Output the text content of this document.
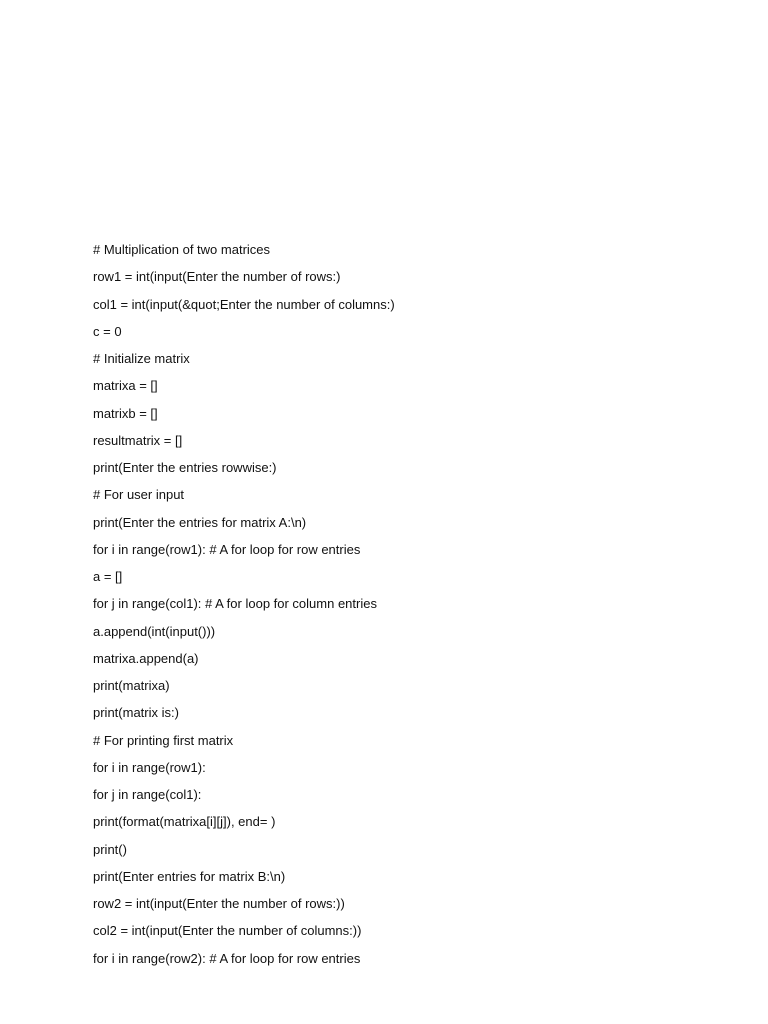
# Multiplication of two matrices
row1 = int(input(Enter the number of rows:)
col1 = int(input(&quot;Enter the number of columns:)
c = 0
# Initialize matrix
matrixa = []
matrixb = []
resultmatrix = []
print(Enter the entries rowwise:)
# For user input
print(Enter the entries for matrix A:\n)
for i in range(row1): # A for loop for row entries
a = []
for j in range(col1): # A for loop for column entries
a.append(int(input()))
matrixa.append(a)
print(matrixa)
print(matrix is:)
# For printing first matrix
for i in range(row1):
for j in range(col1):
print(format(matrixa[i][j]), end= )
print()
print(Enter entries for matrix B:\n)
row2 = int(input(Enter the number of rows:))
col2 = int(input(Enter the number of columns:))
for i in range(row2): # A for loop for row entries
